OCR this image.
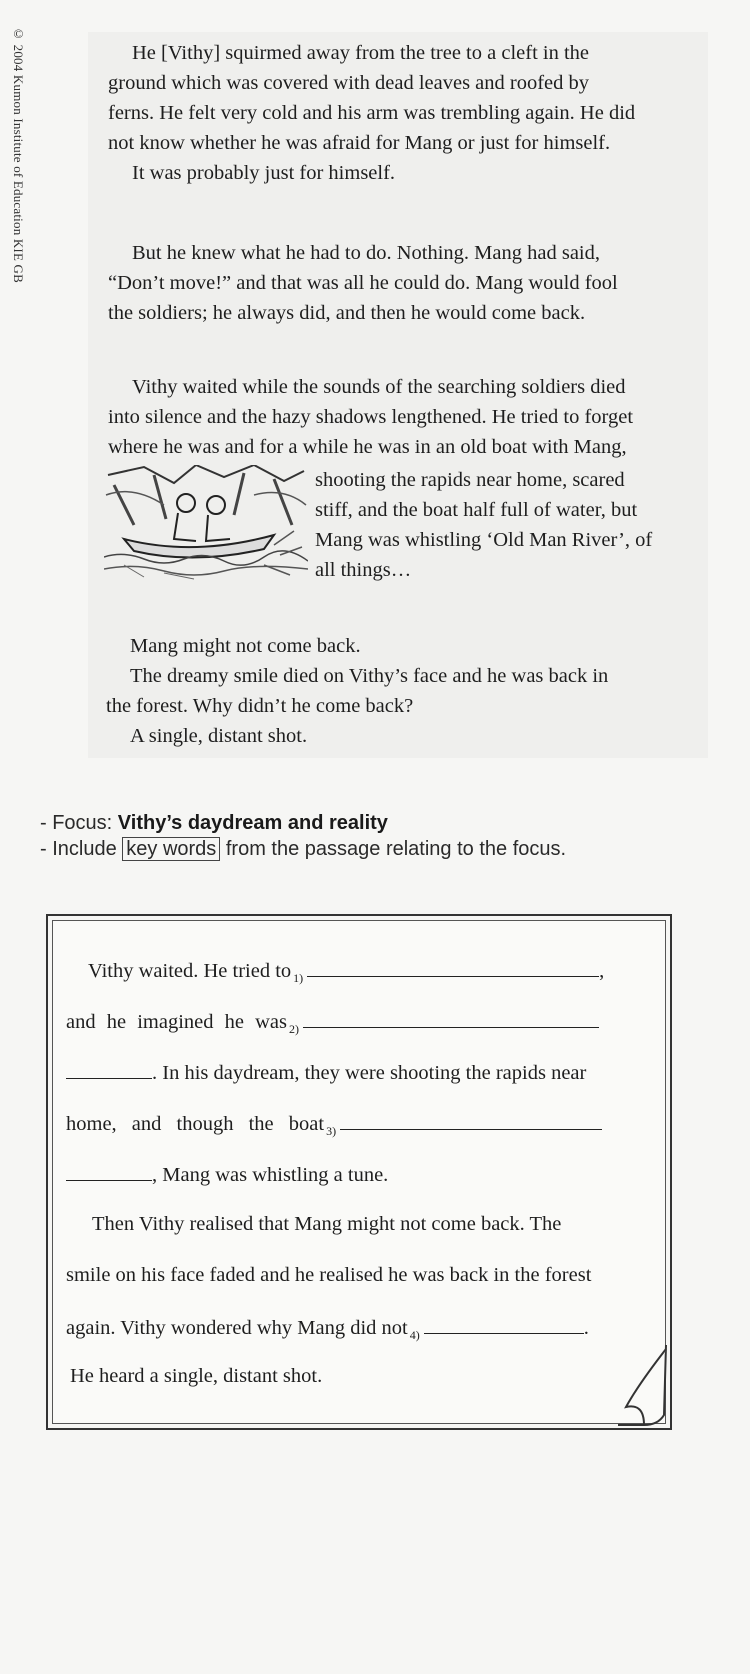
© 2004 Kumon Institute of Education KIE GB	He [Vithy] squirmed away from the tree to a cleft in the
ground which was covered with dead leaves and roofed by
ferns. He felt very cold and his arm was trembling again. He did
not know whether he was afraid for Mang or just for himself.
It was probably just for himself.

But he knew what he had to do. Nothing. Mang had said,
“Don’t move!” and that was all he could do. Mang would fool
the soldiers; he always did, and then he would come back.

Vithy waited while the sounds of the searching soldiers died
into silence and the hazy shadows lengthened. He tried to forget
where he was and for a while he was in an old boat with Mang,

shooting the rapids near home, scared
stiff, and the boat half full of water, but
Mang was whistling ‘Old Man River’, of
all things…

Mang might not come back.
The dreamy smile died on Vithy’s face and he was back in
the forest. Why didn’t he come back?
A single, distant shot.

- Focus: Vithy’s daydream and reality
- Include key words from the passage relating to the focus.
Vithy waited. He tried to $_{1)}$	,
and he imagined he was $_{2)}$
. In his daydream, they were shooting the rapids near
home, and though the boat $_{3)}$
, Mang was whistling a tune.
Then Vithy realised that Mang might not come back. The
smile on his face faded and he realised he was back in the forest
again. Vithy wondered why Mang did not $_{4)}$	.
He heard a single, distant shot.
